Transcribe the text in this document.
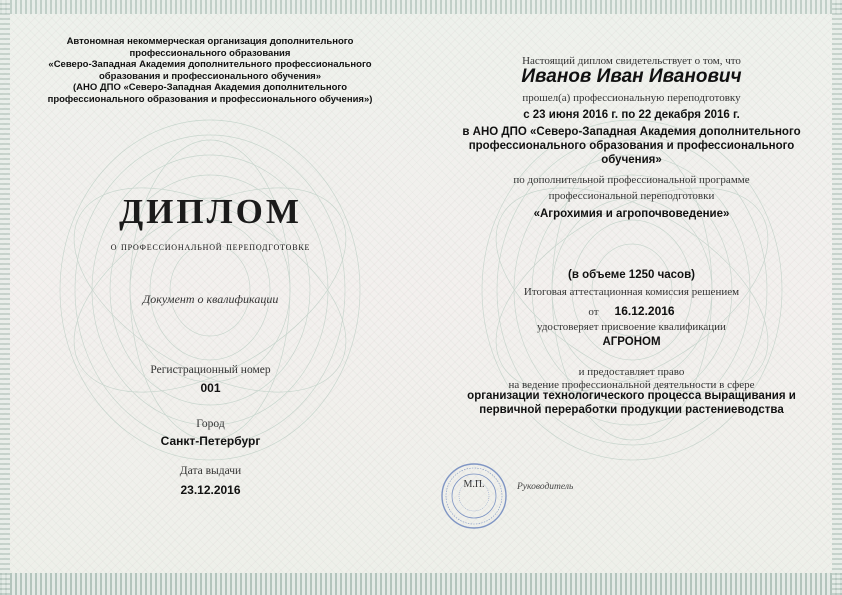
Автономная некоммерческая организация дополнительного
профессионального образования
«Северо-Западная Академия дополнительного профессионального
образования и профессионального обучения»
(АНО ДПО «Северо-Западная Академия дополнительного
профессионального образования и профессионального обучения»)
ДИПЛОМ
о профессиональной переподготовке
Документ о квалификации
Регистрационный номер
001
Город
Санкт-Петербург
Дата выдачи
23.12.2016
Настоящий диплом свидетельствует о том, что
Иванов Иван Иванович
прошел(а) профессиональную переподготовку
с 23 июня 2016 г. по 22 декабря 2016 г.
в АНО ДПО «Северо-Западная Академия дополнительного
профессионального образования и профессионального
обучения»
по дополнительной профессиональной программе
профессиональной переподготовки
«Агрохимия и агропочвоведение»
(в объеме 1250 часов)
Итоговая аттестационная комиссия решением
от 16.12.2016
удостоверяет присвоение квалификации
АГРОНОМ
и предоставляет право
на ведение профессиональной деятельности в сфере
организации технологического процесса выращивания и
первичной переработки продукции растениеводства
М.П.	Руководитель
